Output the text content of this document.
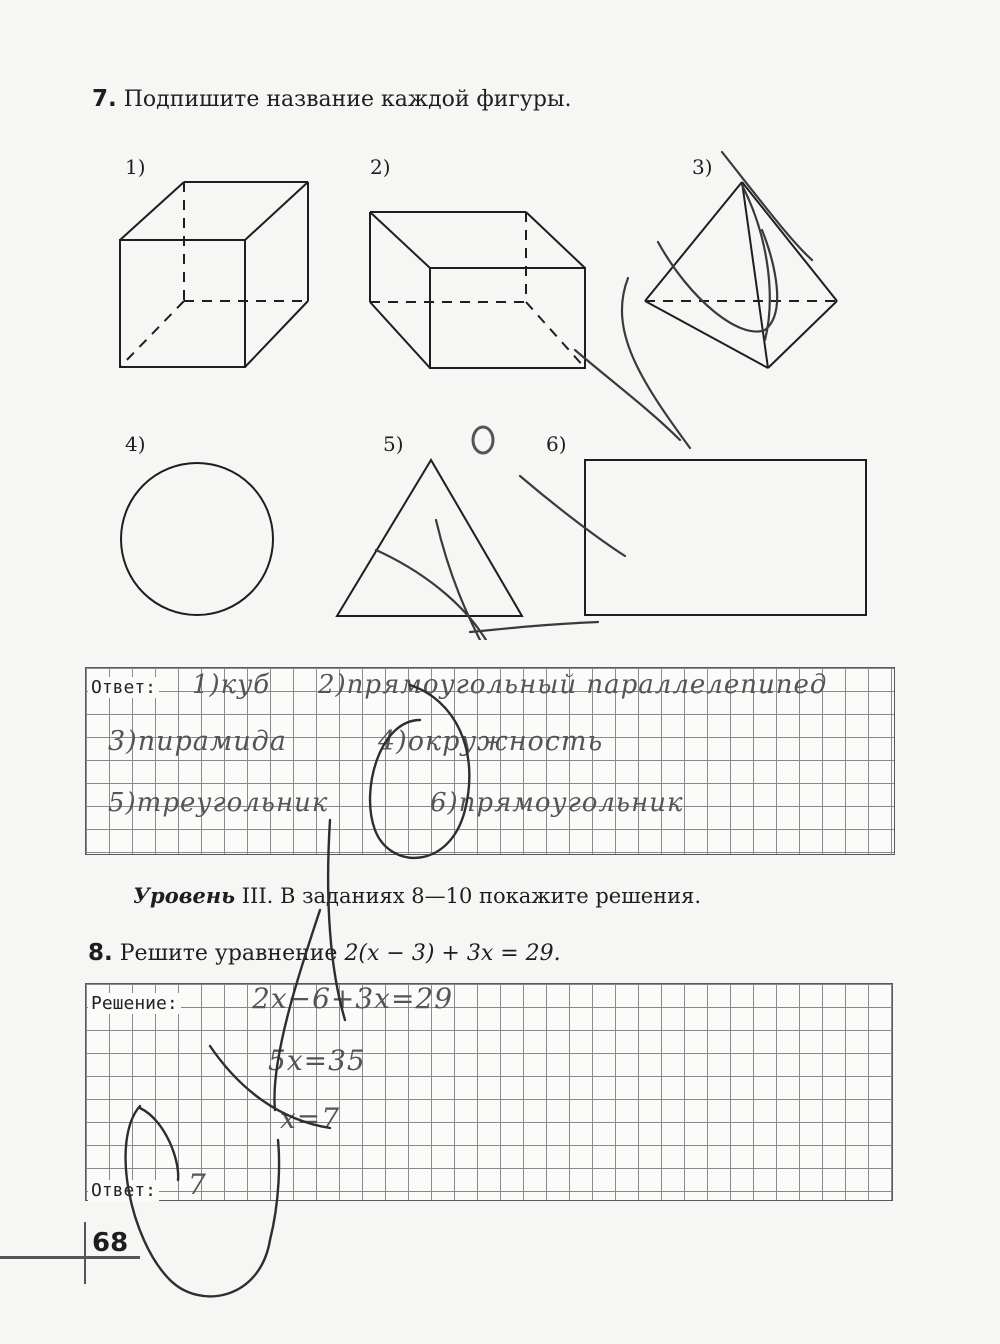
7. Подпишите название каждой фигуры.
1)	2)	3)
4)	5)	6)
Ответ: 1)куб 2)прямоугольный параллелепипед
3)пирамида	4)окружность
5)треугольник	6)прямоугольник
Уровень III. В заданиях 8—10 покажите решения.
8. Решите уравнение 2(x − 3) + 3x = 29.
Решение:
Ответ:
2x−6+3x=29
5x=35
x=7
7
68
